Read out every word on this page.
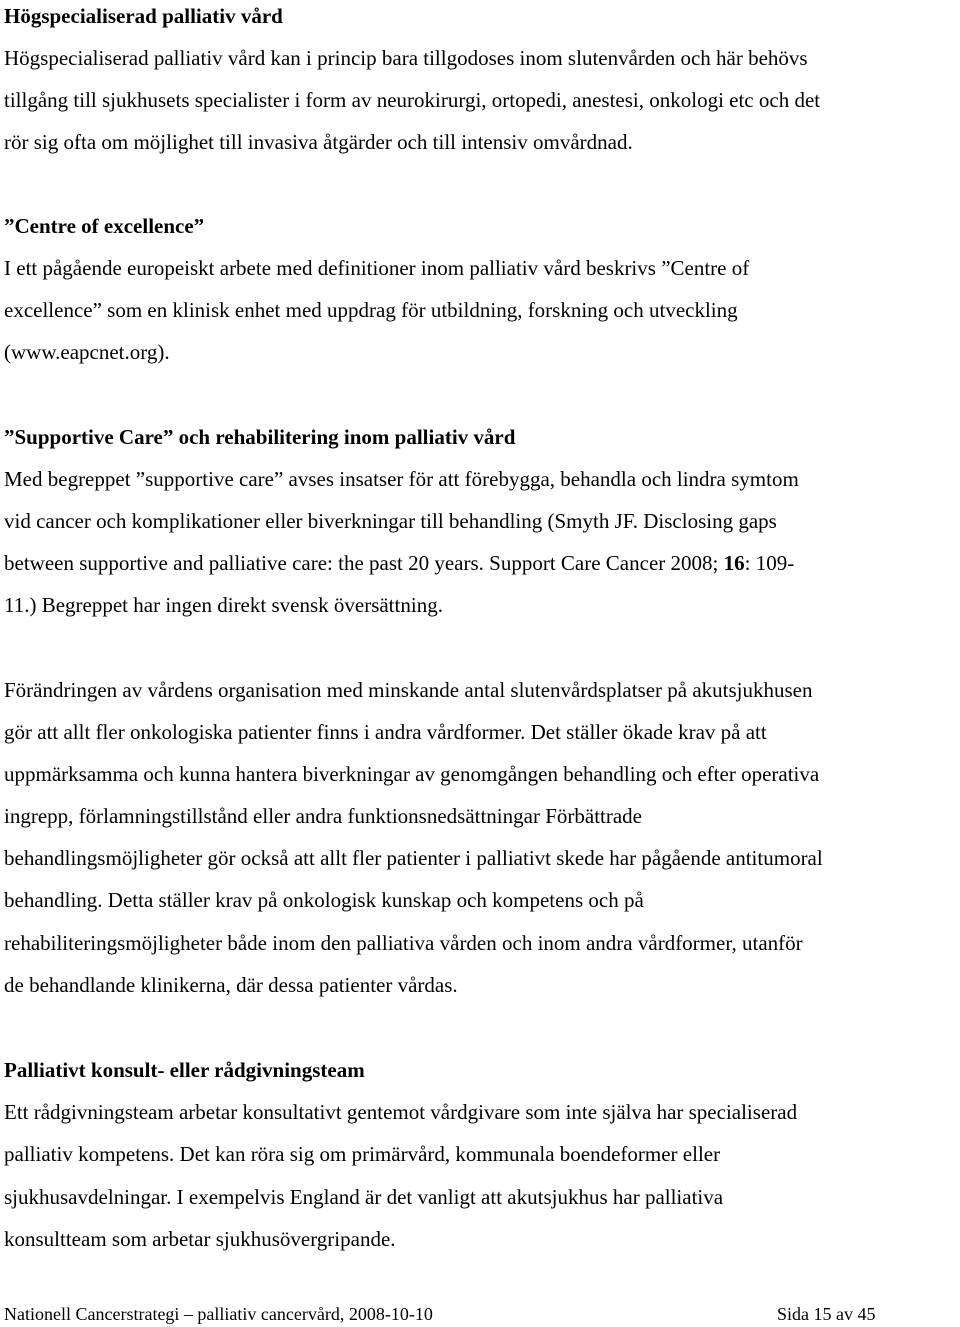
Högspecialiserad palliativ vård
Högspecialiserad palliativ vård kan i princip bara tillgodoses inom slutenvården och här behövs
tillgång till sjukhusets specialister i form av neurokirurgi, ortopedi, anestesi, onkologi etc och det
rör sig ofta om möjlighet till invasiva åtgärder och till intensiv omvårdnad.
”Centre of excellence”
I ett pågående europeiskt arbete med definitioner inom palliativ vård beskrivs ”Centre of
excellence” som en klinisk enhet med uppdrag för utbildning, forskning och utveckling
(www.eapcnet.org).
”Supportive Care” och rehabilitering inom palliativ vård
Med begreppet ”supportive care” avses insatser för att förebygga, behandla och lindra symtom
vid cancer och komplikationer eller biverkningar till behandling (Smyth JF. Disclosing gaps
between supportive and palliative care: the past 20 years. Support Care Cancer 2008; 16: 109-
11.) Begreppet har ingen direkt svensk översättning.
Förändringen av vårdens organisation med minskande antal slutenvårdsplatser på akutsjukhusen
gör att allt fler onkologiska patienter finns i andra vårdformer. Det ställer ökade krav på att
uppmärksamma och kunna hantera biverkningar av genomgången behandling och efter operativa
ingrepp, förlamningstillstånd eller andra funktionsnedsättningar Förbättrade
behandlingsmöjligheter gör också att allt fler patienter i palliativt skede har pågående antitumoral
behandling. Detta ställer krav på onkologisk kunskap och kompetens och på
rehabiliteringsmöjligheter både inom den palliativa vården och inom andra vårdformer, utanför
de behandlande klinikerna, där dessa patienter vårdas.
Palliativt konsult- eller rådgivningsteam
Ett rådgivningsteam arbetar konsultativt gentemot vårdgivare som inte själva har specialiserad
palliativ kompetens. Det kan röra sig om primärvård, kommunala boendeformer eller
sjukhusavdelningar. I exempelvis England är det vanligt att akutsjukhus har palliativa
konsultteam som arbetar sjukhusövergripande.
Nationell Cancerstrategi – palliativ cancervård, 2008-10-10	Sida 15 av 45
